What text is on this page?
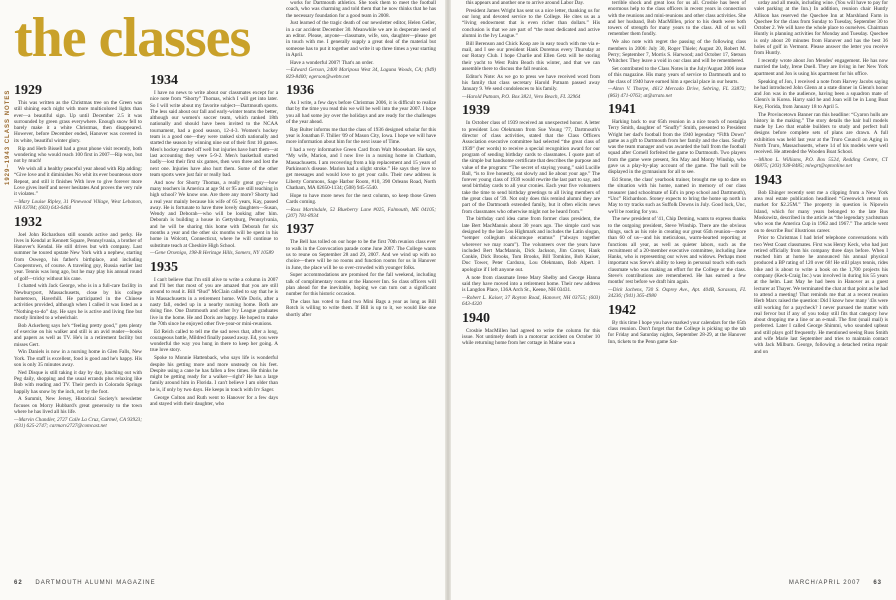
1929–1943 CLASS NOTES
the classes
1929

This was written as the Christmas tree on the Green was still shining each night with more multicolored lights than ever—a beautiful sign. Up until December 2.5 it was surrounded by green grass everywhere. Enough snow fell to barely make it a white Christmas, then disappeared. However, before December ended, Hanover was covered in its white, beautiful winter glory.

Rip and Herb Bissell had a great phone visit recently, both wondering who would reach 100 first in 2007—Rip won, but not by much!

We wish all a healthy peaceful year ahead with Rip adding: “Give love and it diminishes No whit its ever bounteous store Repeat, and still it finishes With love to give forever more Love gives itself and never hesitates And proves the very rule it violates.”

—Mary Louise Ripley, 31 Pinewood Village, West Lebanon, NH 03784; (603) 643-6464

1932

Joel John Richardson still sounds active and perky. He lives in Kendal at Kennett Square, Pennsylvania, a brother of Hanover's Kendal. He still drives but with company. Last summer he toured upstate New York with a nephew, starting from Oswego, his father's birthplace, and including Cooperstown, of course. A traveling guy, Russia earlier last year. Tennis was long ago, but he may play his annual round of golf—tricky without his cane.

I chatted with Jack George, who is in a full-care facility in Newburyport, Massachusetts, close by his college hometown, Haverhill. He participated in the Chinese activities provided, although when I called it was listed as a “Nothing-to-do” day. He says he is active and living fine but mostly limited to a wheelchair.

Bob Ackerberg says he's “feeling pretty good,” gets plenty of exercise on his walker and still is an avid reader—books and papers as well as TV. He's in a retirement facility but misses Gert.

Win Daniels is now in a nursing home in Glen Falls, New York. The staff is excellent, food is good and he's happy. His son is only 35 minutes away.

Ned Disque is still taking it day by day, lunching out with Peg daily, shopping and the usual errands plus relaxing like Bob with reading and TV. Their perch in Colorado Springs happily has snow by the inch, not by the foot.

A Summit, New Jersey, Historical Society's newsletter focuses on Morry Hubbard's great generosity to the town where he has lived all his life.

—Marvin Chandler, 2727 Calle La Cruz, Carmel, CA 93923; (831) 625-2747; carmarv2727@comcast.net

1934

I have no news to write about our classmates except for a nice note from “Shorty” Thomas, which I will get into later. So I will write about my favorite subject—Dartmouth sports. The less said about our fall and early-winter teams the better, although our women's soccer team, which ranked 18th nationally and should have been invited to the NCAA tournament, had a good season, 12-4-3. Women's hockey team is a good one—they were ranked sixth nationally and started the season by winning nine out of their first 10 games. Men's hockey started off well but injuries have hurt them—at last accounting they were 5-9-2. Men's basketball started badly—lost their first six games, then won three and lost the next one. Injuries have also hurt them. Some of the other team sports were just fair or really bad.

And now for Shorty Thomas, a really great guy—how many teachers in America at age 94 or 95 are still teaching in high school? We know one. Are there any more? Shorty had a real year mainly because his wife of 65 years, Kay, passed away. He is fortunate to have three lovely daughters—Susan, Wendy and Deborah—who will be looking after him. Deborah is building a house in Gettysburg, Pennsylvania, and he will be sharing this home with Deborah for six months a year and the other six months will be spent in his home in Wolcott, Connecticut, where he will continue to substitute teach at Cheshire High School.

—Gene Orsenigo, 198-B Heritage Hills, Somers, NY 10589

1935

I can't believe that I'm still alive to write a column in 2007 and I'll bet that most of you are amazed that you are still around to read it. Bill “Bud” McClain called to say that he is in Massachusetts in a retirement home. Wife Doris, after a nasty fall, ended up in a nearby nursing home. Both are doing fine. One Dartmouth and other Ivy League graduates live in the home. He and Doris are happy. He hoped to make the 70th since he enjoyed other five-year-or mini-reunions.

Ed Reich called to tell me the sad news that, after a long, courageous battle, Mildred finally passed away. Ed, you were wonderful the way you hung in there to keep her going. A true love story.

Spoke to Monnie Hattenback, who says life is wonderful despite his getting more and more unsteady on his feet. Despite using a cane he has fallen a few times. He thinks he might be getting ready for a walker—right? He has a large family around him in Florida. I can't believe I am older than he is, if only by two days. He keeps in touch with Irv Sager.

George Colton and Ruth went to Hanover for a few days and stayed with their daughter, who

works for Dartmouth athletics. She took them to meet the football coach, who was charming and told them that he now thinks that he has the necessary foundation for a good team in 2008.

Just learned of the tragic death of our newsletter editor, Helen Geller, in a car accident December 30. Meanwhile we are in desperate need of an editor. Please, anyone—classmate, wife, son, daughter—please get in touch with me. I generally supply a great deal of the material but someone has to put it together and write it up three times a year starting in April.

Have a wonderful 2007! That's an order.

—Edward Gerson, 2400 Mariposa West 34, Laguna Woods, CA; (949) 829-8400; egerson@webtv.net

1936

As I write, a few days before Christmas 2006, it is difficult to realize that by the time you read this we will be well into the year 2007. I hope you all had some joy over the holidays and are ready for the challenges of the year ahead.

Ray Bulter informs me that the class of 1936 designed scholar for this year is Jonathan F. Thilier '09 of Mason City, Iowa. I hope we will have more information about him for the next issue of Time.

I had a very informative Green Card from Walt Moosehart. He says, “My wife, Marion, and I now live in a nursing home in Chatham, Massachusetts. I am recovering from a hip replacement and 15 years of Parkinson's disease. Marion had a slight stroke.” He says they love to get messages and would love to get your calls. Their new address is Liberty Commons, Sage Harbor Room, #10, 390 Orleans Road, North Chatham, MA 02650-1134; (508) 945-5540.

Hope to have more news for the next column, so keep those Green Cards coming.

—Ross Martindale, 52 Blueberry Lane #025, Falmouth, ME 04105; (207) 781-8934

1937

The Bell has tolled on our hope to be the first 70th reunion class ever to walk in the Convocation parade come June 2007. The College wants us to reune on September 28 and 29, 2007. And we wind up with no choice—there will be no rooms and function rooms for us in Hanover in June, the place will be so over-crowded with younger folks.

Super accommodations are promised for the fall weekend, including talk of complimentary rooms at the Hanover Inn. So class officers will plan ahead for the inevitable, hoping we can turn out a significant number for this historic occasion.

The class has voted to fund two Mini Bags a year as long as Bill Rotch is willing to write them. If Bill is up to it, we would like one shortly after

this appears and another one to arrive around Labor Day.

President James Wright has sent us a nice letter, thanking us for our long and devoted service to the College. He cites us as a “living endowment that is even richer than dollars.” His conclusion is that we are part of “the most dedicated and active alumni in the Ivy League.”

Bill Berenson and Chick Koop are in easy touch with me via e-mail, and I see our president Hank Doremus every Thursday at our Rotary Club. I hope Charlie and Ellen Getz will be storing their yacht to West Palm Beach this winter, and that we can assemble there to discuss the fall reunion.

Editor's Note: As we go to press we have received word from his family that class secretary Harold Putnam passed away January 9. We send condolences to his family.

—Harold Putnam, P.O. Box 3821, Vero Beach, FL 32964

1939

In October class of 1939 received an unexpected honor. A letter to president Lou Olekmann from Sue Young '77, Dartmouth's director of class activities, stated that the Class Officers Association executive committee had selected “the great class of 1939” (her words) to receive a special recognition award for our program of sending birthday cards to classmates. I quote part of the simple but handsome certificate that describes the purpose and value of the program: “The secret of staying young,” said Lucille Ball, “is to live honestly, eat slowly and lie about your age.” The forever young class of 1939 would rewrite the last part to say, and send birthday cards to all your cronies. Each year five volunteers take the time to send birthday greetings to all living members of the great class of '39. Not only does this remind alumni they are part of the Dartmouth extended family, but it often elicits news from classmates who otherwise might not be heard from.”

The birthday card idea came from former class president, the late Bert MacMannis about 30 years ago. The simple card was designed by the late Lou Highmark and includes the Latin slogan, “semper collegium ubicumque eramus” (“always together wherever we may roam”). The volunteers over the years have included Bert MacMannis, Dick Jackson, Jim Corner, Hank Conkle, Dick Brooks, Tom Brooks, Bill Tomkins, Bob Kaiser, Doc Tower, Peter Cardozo, Lou Olekmann, Bob Alpert. I apologize if I left anyone out.

A note from classmate Irene Mary Shelby and George Hanna said they have moved into a retirement home. Their new address is Langdon Place, 136A Arch St., Keene, NH 03431.

—Robert L. Kaiser, 37 Royton Road, Hanover, NH 03755; (603) 643-4320

1940

Crosbie MacMillen had agreed to write the column for this issue. Not untimely death in a motorcar accident on October 10 while returning home from her cottage in Maine was a

terrible shock and great loss for us all. Crosbie has been of enormous help to the class officers in recent years in connection with the reunions and mini-reunions and other class activities. She and her husband, Bob MacMillen, prior to his death were both towers of strength for many years to the class. All of us will remember them fondly.

We also note with regret the passing of the following class members in 2006: July 30, Roger Thiele; August 20, Robert M. Perry; September 7, Morris S. Harwood; and October 17, Stetson Whitcher. They leave a void in our class and will be remembered.

Set contributed to the Class Notes in the July/August 2006 issue of this magazine. His many years of service to Dartmouth and to the class of 1940 have earned him a special place in our hearts.

—Alton V. Thorpe, 4612 Mercado Drive, Sebring, FL 33872; (863) 471-0763; at@strato.net

1941

Harking back to our 65th reunion in a nice touch of nostalgia Terry Smith, daughter of “Snuffy” Smith, presented to President Wright her dad's football from the 1940 legendary “Fifth Down” game as a gift to Dartmouth from her family and the class. Snuffy was the team manager and was awarded the ball from the football squad after Cornell forfeited the game to Dartmouth. Two players from the game were present, Stu May and Monty Winship, who gave us a play-by-play account of the game. The ball will be displayed in the gymnasium for all to see.

Ed Stone, the class' yearbook trainer, brought me up to date on the situation with his home, named in memory of our class treasurer (and schoolmate of Ed's in prep school and Dartmouth), “Unc” Richardson. Stoney expects to bring the home up north in May to try tracks such as Suffolk Downs in July. Good luck, Unc, we'll be rooting for you.

The new president of '41, Chip Deming, wants to express thanks to the outgoing president, Steve Winship. There are the obvious things, such as his role in creating our great 65th reunion—more than 60 of us—and his meticulous, warm-hearted reporting at functions all year, as well as quieter labors, such as the recruitment of a 20-member executive committee, including Jane Hanks, who is representing our wives and widows. Perhaps most important was Steve's ability to keep in personal touch with each classmate who was making an effort for the College or the class. Steve's contributions are remembered. He has earned a few months' rest before we draft him again.

—Dick Jachens, 730 S. Osprey Ave., Apt. 404B, Sarasota, FL 34236; (941) 365-4980

1942

By this time I hope you have marked your calendars for the 65th class reunion. Don't forget that the College is picking up the tab for Friday and Saturday nights, September 28-29, at the Hanover Inn, tickets to the Penn game Sat-

urday and all meals, including wine. (You will have to pay for valet parking at the Inn.) In addition, reunion chair Huntly Allison has reserved the Quechee Inn at Marshland Farm in Quechee for the class from Sunday to Tuesday, September 30 to October 2. We will have the whole place to ourselves. Chairman Huntly is planning activities for Monday and Tuesday. Quechee is only about 20 minutes from Hanover and has the best 36 holes of golf in Vermont. Please answer the letter you receive from Huntly.

I recently wrote about Jon Mendes' engagement. He has now married the lady, Irene Duell. They are living in her New York apartment and Jon is using his apartment for his office.

Speaking of Jon, I received a note from Harvey Jacobs saying he had introduced John Glenn at a state dinner in Glenn's honor and Jon was in the audience, having been a squadron mate of Glenn's in Korea. Harry said he and Joan will be in Long Boat Key, Florida, from January 18 to April 5.

The Provincetown Banner ran this headline: “Cyaron hulls are history in the making.” The story details the hair hull models made by Leo that enable builders to study and perfect hull designs before complete sets of plans are drawn. A full exhibition was held last year at the Truro Council on Aging in North Truro, Massachusetts, where 14 of his models were well received. He attended the Wooden Boat School.

—Milton L. Williams, P.O. Box 5524, Redding Centre, CT 06875; (203) 938-8485; mlwgrt@optonline.net

1943

Bob Ehinger recently sent me a clipping from a New York area real estate publication headlined “Greenwich retreat on market for $2.25M.” The property in question is Nipowin Island, which for many years belonged to the late Bus Moskowitz, described in the article as “the legendary yachtsman who won the America Cup in 1962 and 1967.” The article went on to describe Bus' illustrious career.

Prior to Christmas I had brief telephone conversations with two West Coast classmates. First was Henry Keck, who had just retired officially from his company three days before. When I reached him at home he announced his annual physical produced a BP rating of 120 over 68! He still plays tennis, rides bike and is about to write a book on the 1,700 projects his company (Keck-Craig Inc.) was involved in during his 55 years at the helm. Last May he had been in Hanover as a guest lecturer at Thayer. We terminated the chat at that point as he had to attend a meeting! That reminds me that at a recent reunion Herb Marx raised the question: Did I know how many '43s were still working for a paycheck? I never pursued the matter with real fervor but if any of you today still fits that category how about dropping me a line or an e-mail. The first (snail mail) is preferred. Later I called George Shimmi, who sounded upbeat and still plays golf frequently. He mentioned seeing Russ Smith and wife Marie last September and tries to maintain contact with Jack Milburn. George, following a detached retina repair and on

62 DARTMOUTH ALUMNI MAGAZINE	MARCH/APRIL 2007 63
